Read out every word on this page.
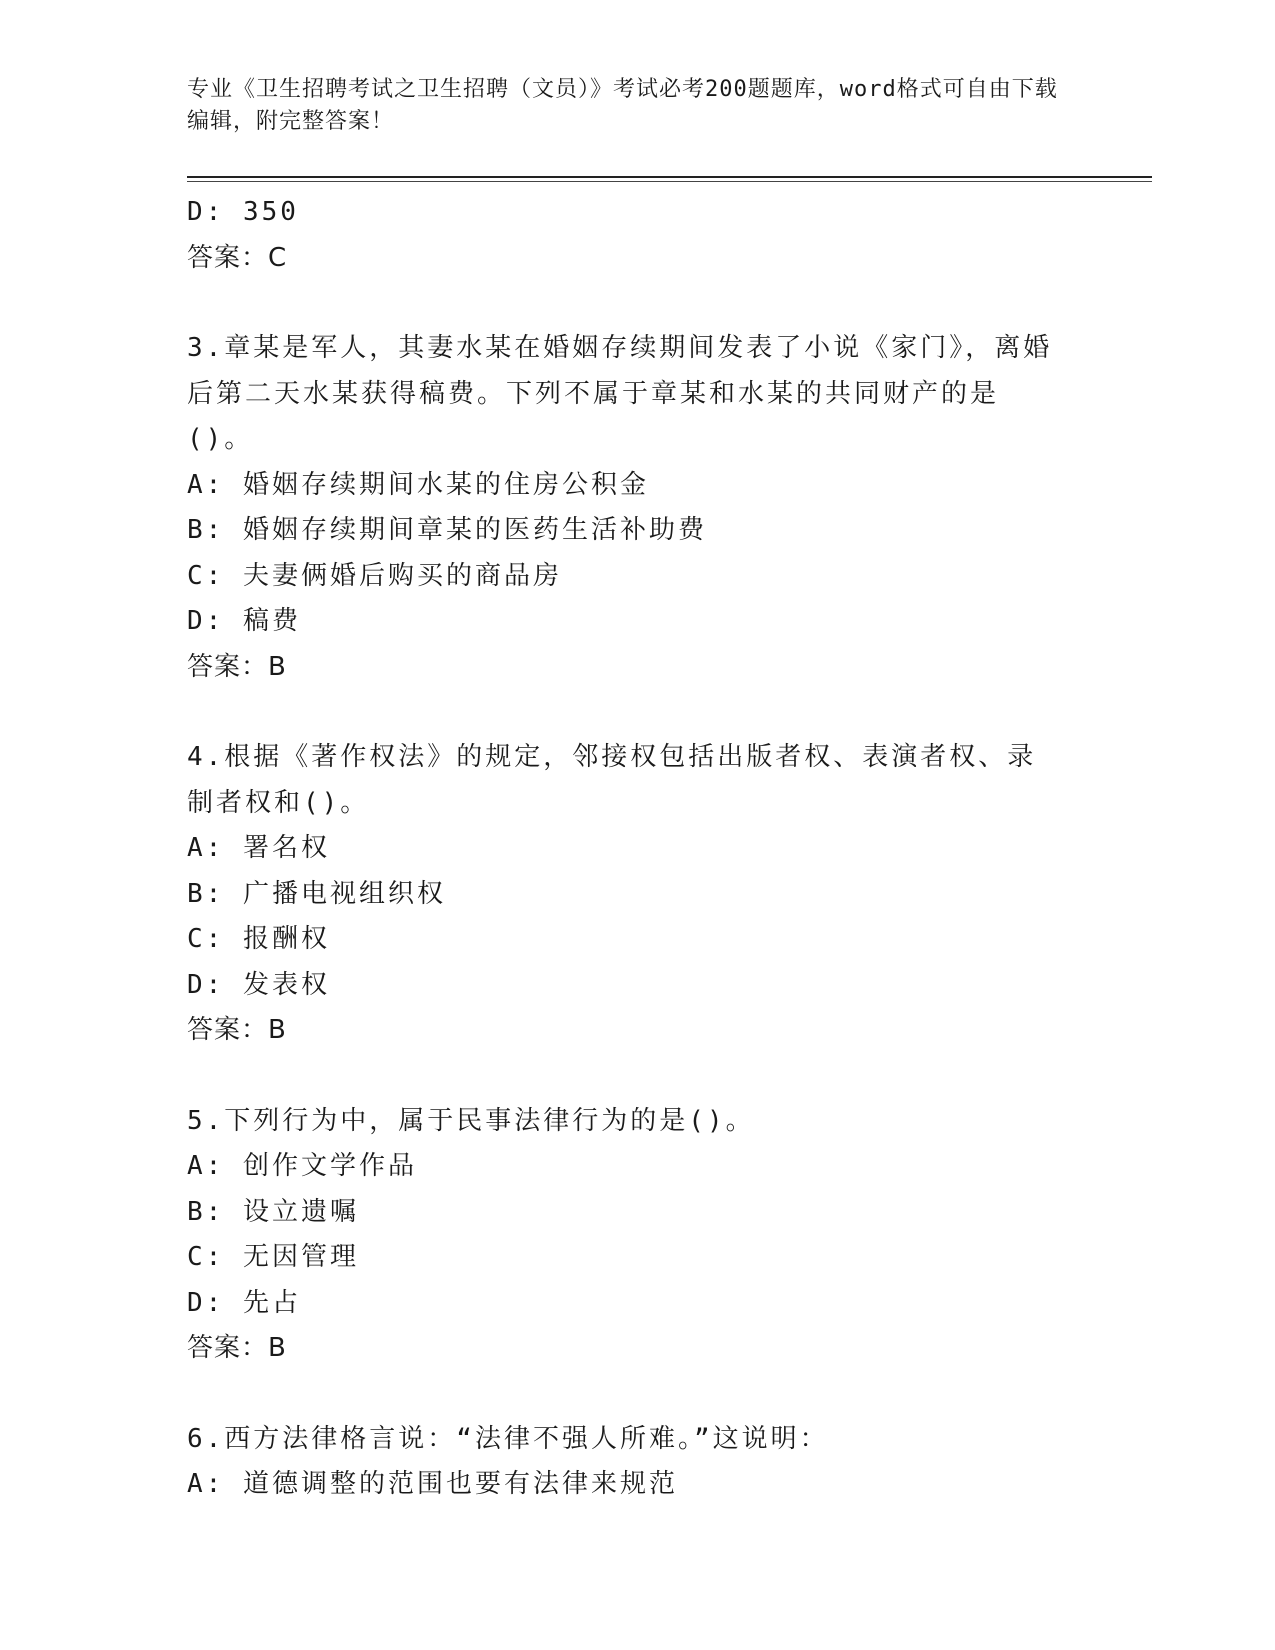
专业《卫生招聘考试之卫生招聘（文员）》考试必考200题题库，word格式可自由下载编辑，附完整答案！
D: 350
答案：C
3.章某是军人，其妻水某在婚姻存续期间发表了小说《家门》，离婚后第二天水某获得稿费。下列不属于章某和水某的共同财产的是()。
A: 婚姻存续期间水某的住房公积金
B: 婚姻存续期间章某的医药生活补助费
C: 夫妻俩婚后购买的商品房
D: 稿费
答案：B
4.根据《著作权法》的规定，邻接权包括出版者权、表演者权、录制者权和()。
A: 署名权
B: 广播电视组织权
C: 报酬权
D: 发表权
答案：B
5.下列行为中，属于民事法律行为的是()。
A: 创作文学作品
B: 设立遗嘱
C: 无因管理
D: 先占
答案：B
6.西方法律格言说：“法律不强人所难。”这说明：
A: 道德调整的范围也要有法律来规范
